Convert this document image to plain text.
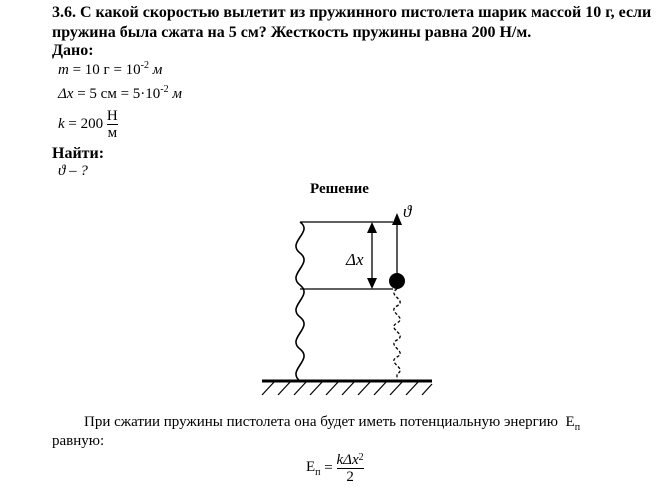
3.6. С какой скоростью вылетит из пружинного пистолета шарик массой 10 г, если пружина была сжата на 5 см? Жесткость пружины равна 200 Н/м.
Дано:
m = 10 $г = 10^{-2}$ м
Δx = 5 см = $5\cdot 10^{-2}$ м
$k = 200 \frac{Н}{м}$
Найти:
ϑ – ?
Решение
ϑ
Δx
При сжатии пружины пистолета она будет иметь потенциальную энергию $E_п$
равную:
$E_п = \frac{k\Delta x^2}{2}$
